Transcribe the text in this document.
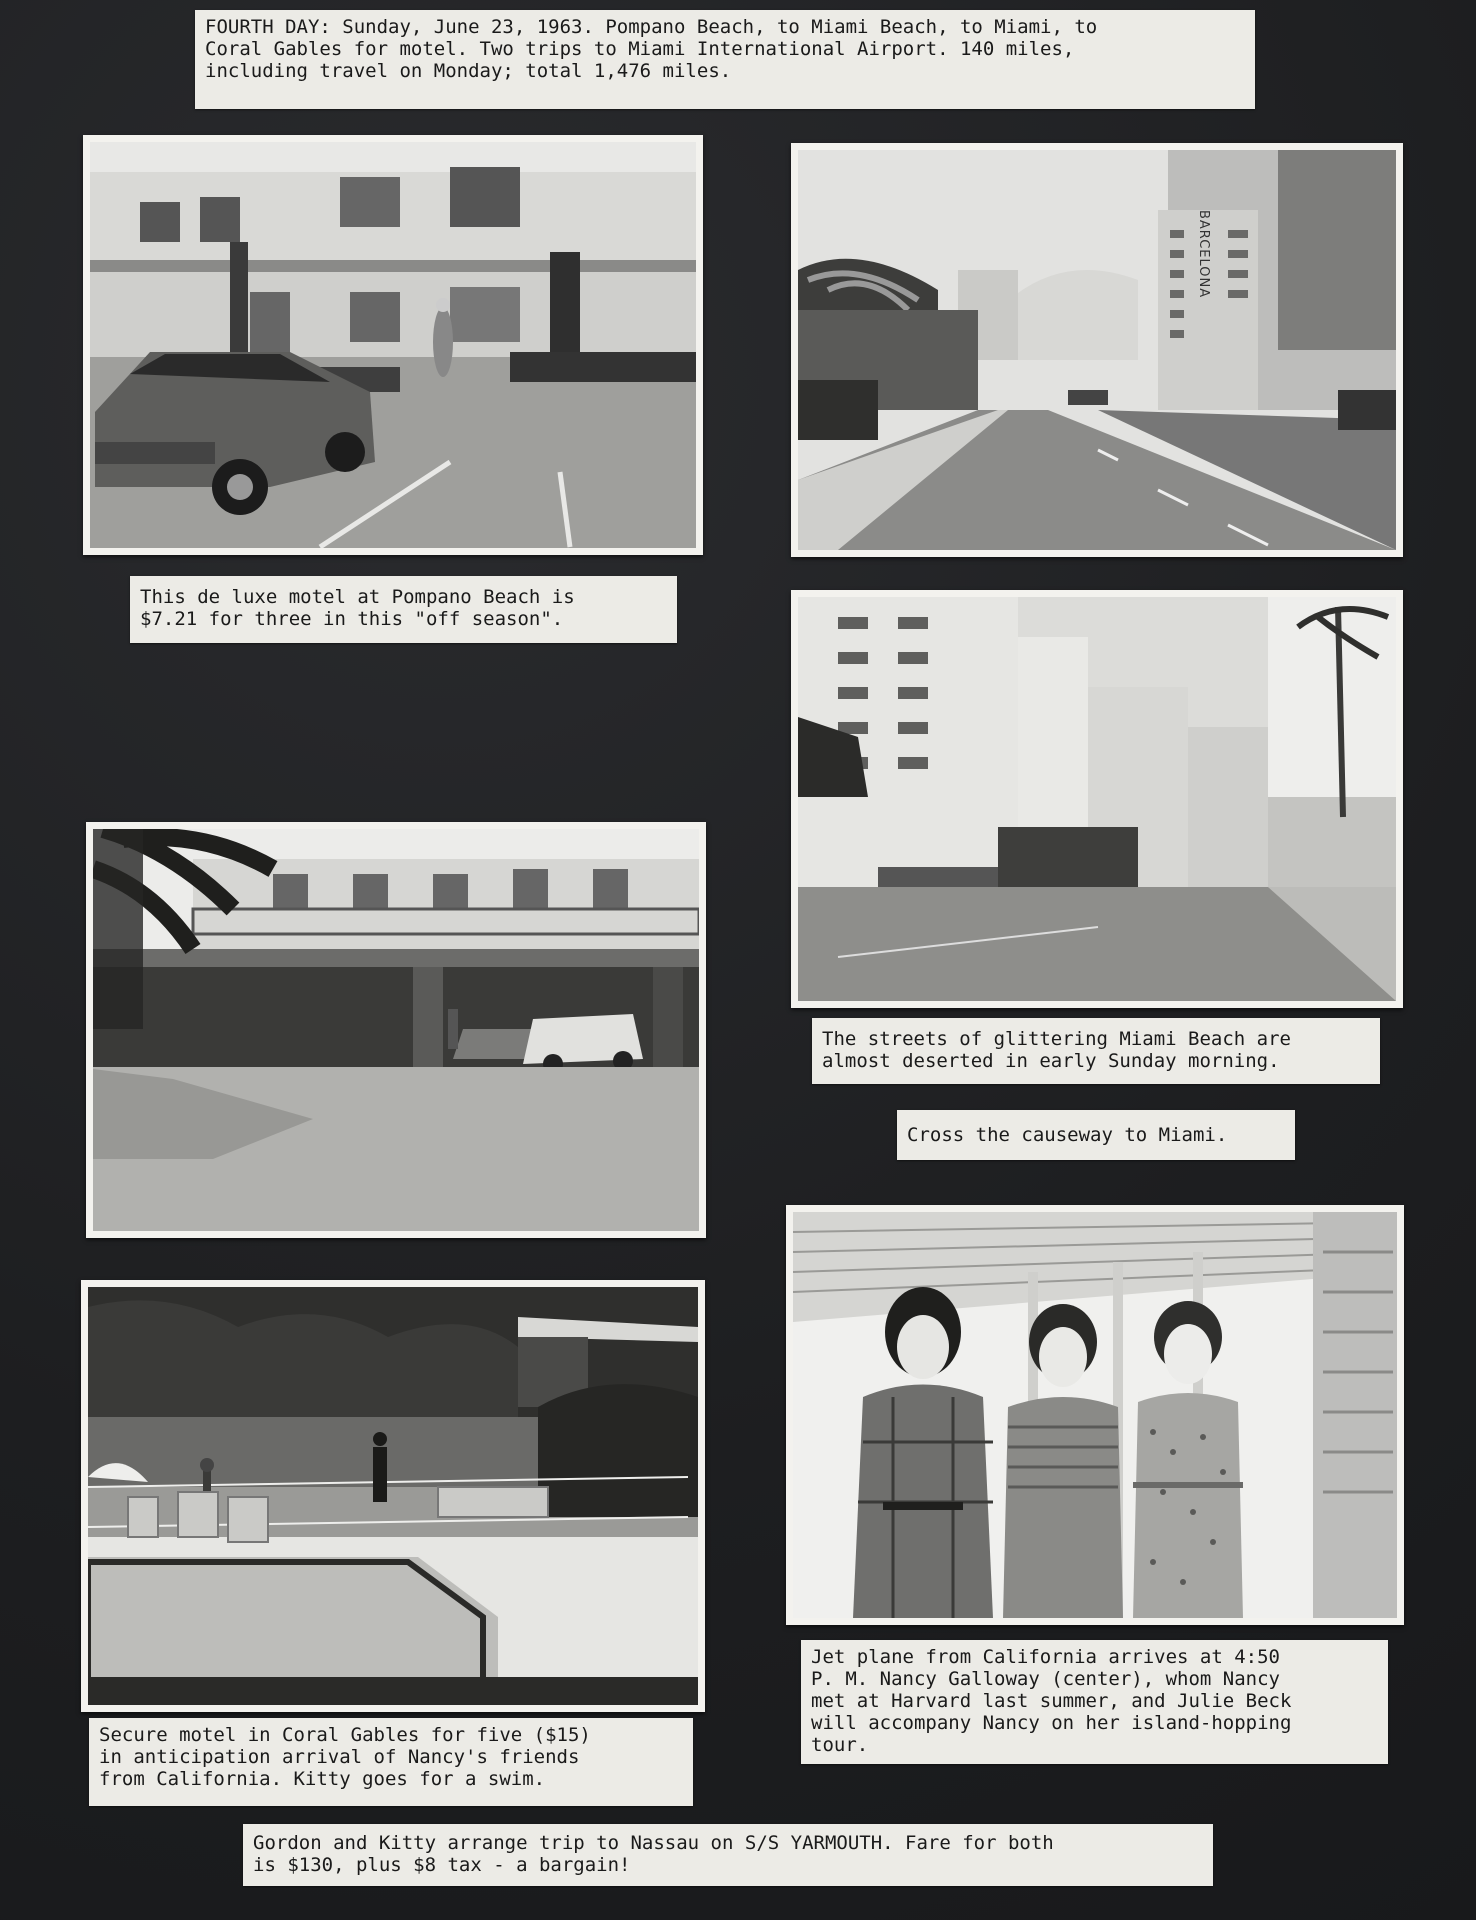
FOURTH DAY: Sunday, June 23, 1963. Pompano Beach, to Miami Beach, to Miami, to
Coral Gables for motel. Two trips to Miami International Airport. 140 miles,
including travel on Monday; total 1,476 miles.
BARCELONA
This de luxe motel at Pompano Beach is
$7.21 for three in this "off season".
The streets of glittering Miami Beach are
almost deserted in early Sunday morning.
Cross the causeway to Miami.
Jet plane from California arrives at 4:50
P. M. Nancy Galloway (center), whom Nancy
met at Harvard last summer, and Julie Beck
will accompany Nancy on her island-hopping
tour.
Secure motel in Coral Gables for five ($15)
in anticipation arrival of Nancy's friends
from California. Kitty goes for a swim.
Gordon and Kitty arrange trip to Nassau on S/S YARMOUTH. Fare for both
is $130, plus $8 tax - a bargain!
